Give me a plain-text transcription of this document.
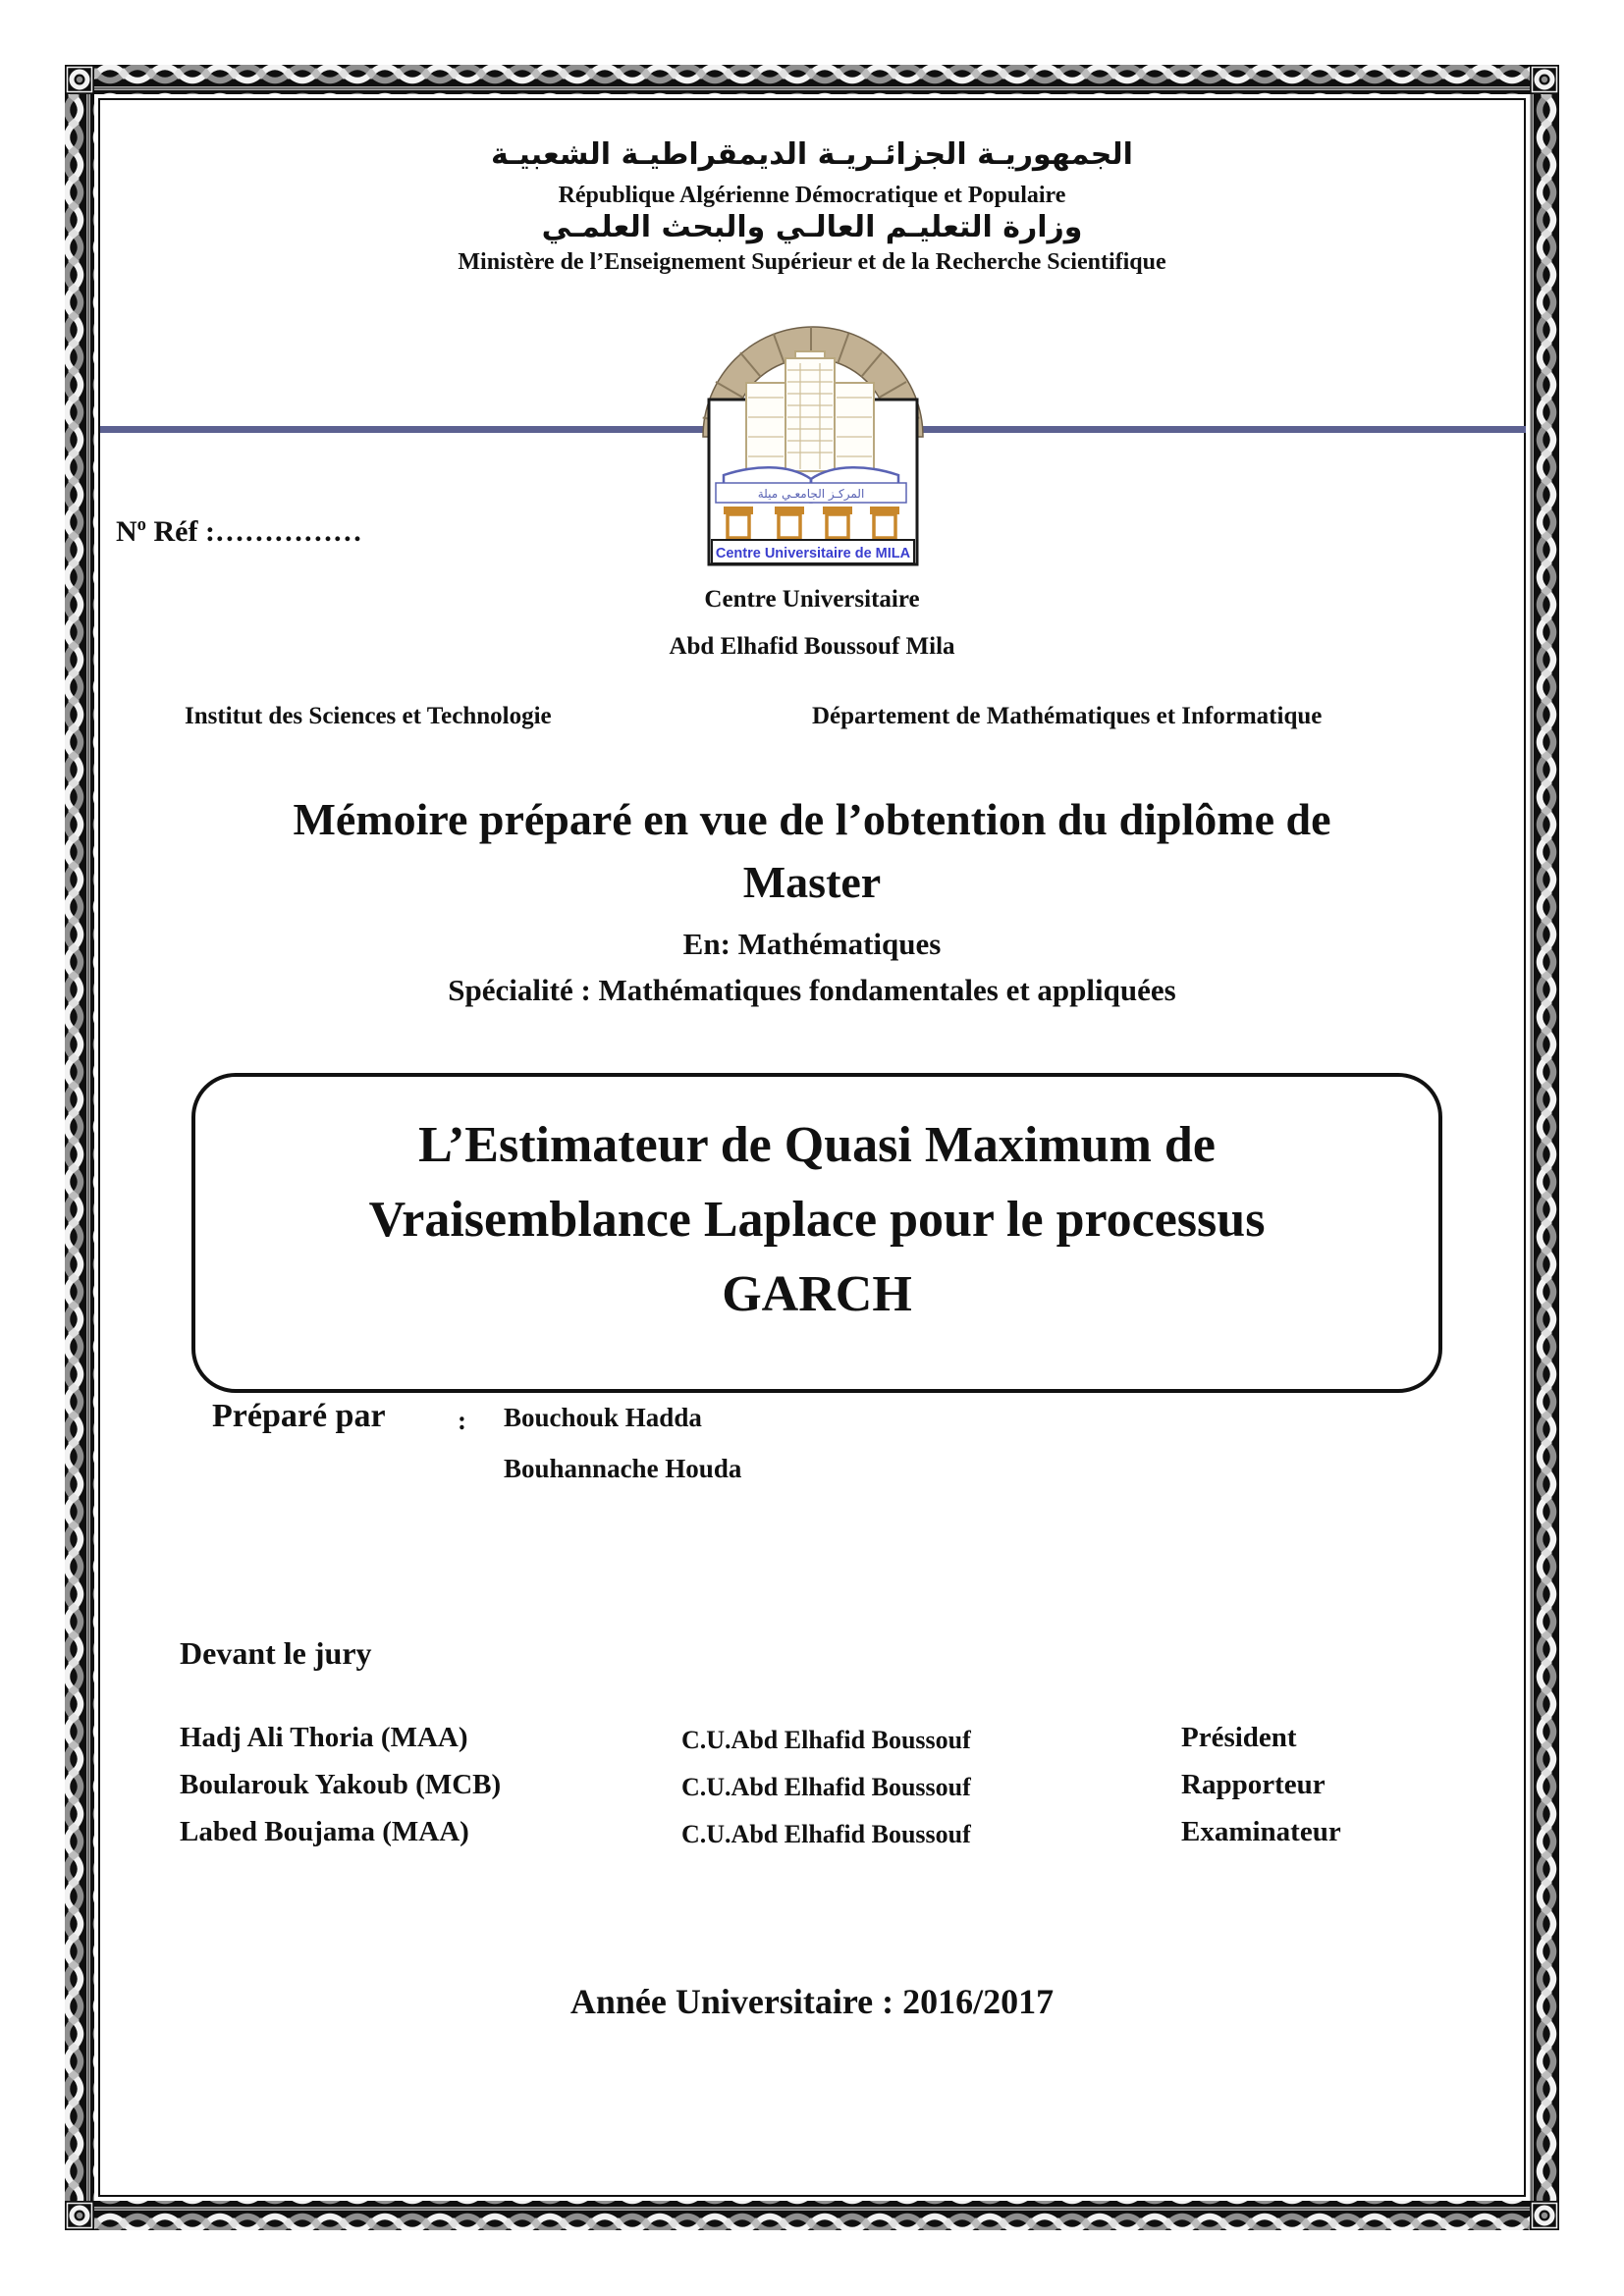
الجمهوريـة الجزائـريـة الديمقراطيـة الشعبيـة
République Algérienne Démocratique et Populaire
وزارة التعليـم العالـي والبحث العلمـي
Ministère de l’Enseignement Supérieur et de la Recherche Scientifique
المركـز الجامعـي ميلة
Centre Universitaire de MILA
$N^o$ Réf :……………
Centre Universitaire
Abd Elhafid Boussouf Mila
Institut des Sciences et Technologie	Département de Mathématiques et Informatique
Mémoire préparé en vue de l’obtention du diplôme de
Master
En: Mathématiques
Spécialité : Mathématiques fondamentales et appliquées
L’Estimateur de Quasi Maximum de
Vraisemblance Laplace pour le processus
GARCH
Préparé par	: Bouchouk Hadda
Bouhannache Houda
Devant le jury
Hadj Ali Thoria (MAA)	C.U.Abd Elhafid Boussouf	Président
Boularouk Yakoub (MCB)	C.U.Abd Elhafid Boussouf	Rapporteur
Labed Boujama (MAA)	C.U.Abd Elhafid Boussouf	Examinateur
Année Universitaire : 2016/2017
